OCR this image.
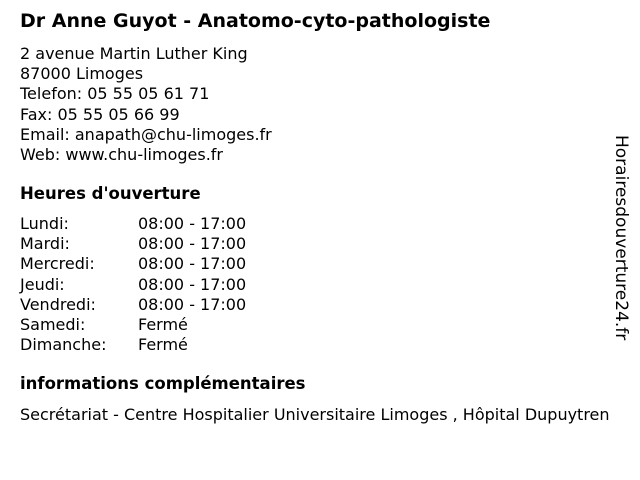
Dr Anne Guyot - Anatomo-cyto-pathologiste
2 avenue Martin Luther King
87000 Limoges
Telefon: 05 55 05 61 71
Fax: 05 55 05 66 99
Email: anapath@chu-limoges.fr
Web: www.chu-limoges.fr
Heures d'ouverture
Lundi:	08:00 - 17:00
Mardi:	08:00 - 17:00
Mercredi:	08:00 - 17:00
Jeudi:	08:00 - 17:00
Vendredi:	08:00 - 17:00
Samedi:	Fermé
Dimanche:	Fermé
informations complémentaires
Secrétariat - Centre Hospitalier Universitaire Limoges , Hôpital Dupuytren
Horairesdouverture24.fr
